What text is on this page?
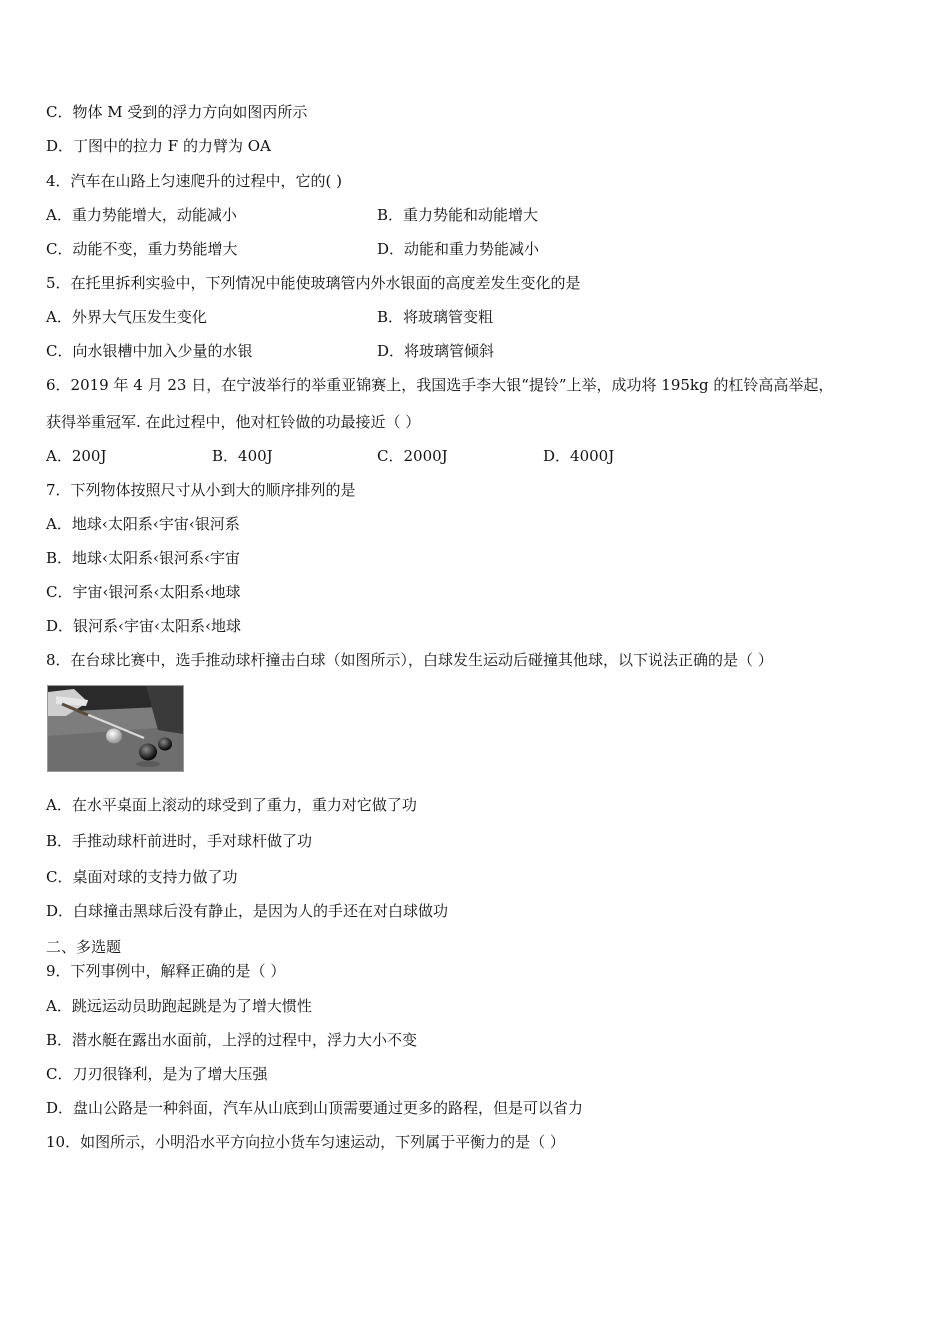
C．物体 M 受到的浮力方向如图丙所示
D．丁图中的拉力 F 的力臂为 OA
4．汽车在山路上匀速爬升的过程中，它的( )
A．重力势能增大，动能减小	B．重力势能和动能增大
C．动能不变，重力势能增大	D．动能和重力势能减小
5．在托里拆利实验中，下列情况中能使玻璃管内外水银面的高度差发生变化的是
A．外界大气压发生变化	B．将玻璃管变粗
C．向水银槽中加入少量的水银	D．将玻璃管倾斜
6．2019 年 4 月 23 日，在宁波举行的举重亚锦赛上，我国选手李大银“提铃”上举，成功将 195kg 的杠铃高高举起，
获得举重冠军. 在此过程中，他对杠铃做的功最接近（ ）
A．200J	B．400J	C．2000J	D．4000J
7．下列物体按照尺寸从小到大的顺序排列的是
A．地球‹太阳系‹宇宙‹银河系
B．地球‹太阳系‹银河系‹宇宙
C．宇宙‹银河系‹太阳系‹地球
D．银河系‹宇宙‹太阳系‹地球
8．在台球比赛中，选手推动球杆撞击白球（如图所示），白球发生运动后碰撞其他球，以下说法正确的是（ ）
A．在水平桌面上滚动的球受到了重力，重力对它做了功
B．手推动球杆前进时，手对球杆做了功
C．桌面对球的支持力做了功
D．白球撞击黑球后没有静止，是因为人的手还在对白球做功
二、多选题
9．下列事例中，解释正确的是（ ）
A．跳远运动员助跑起跳是为了增大惯性
B．潜水艇在露出水面前，上浮的过程中，浮力大小不变
C．刀刃很锋利，是为了增大压强
D．盘山公路是一种斜面，汽车从山底到山顶需要通过更多的路程，但是可以省力
10．如图所示，小明沿水平方向拉小货车匀速运动，下列属于平衡力的是（ ）
